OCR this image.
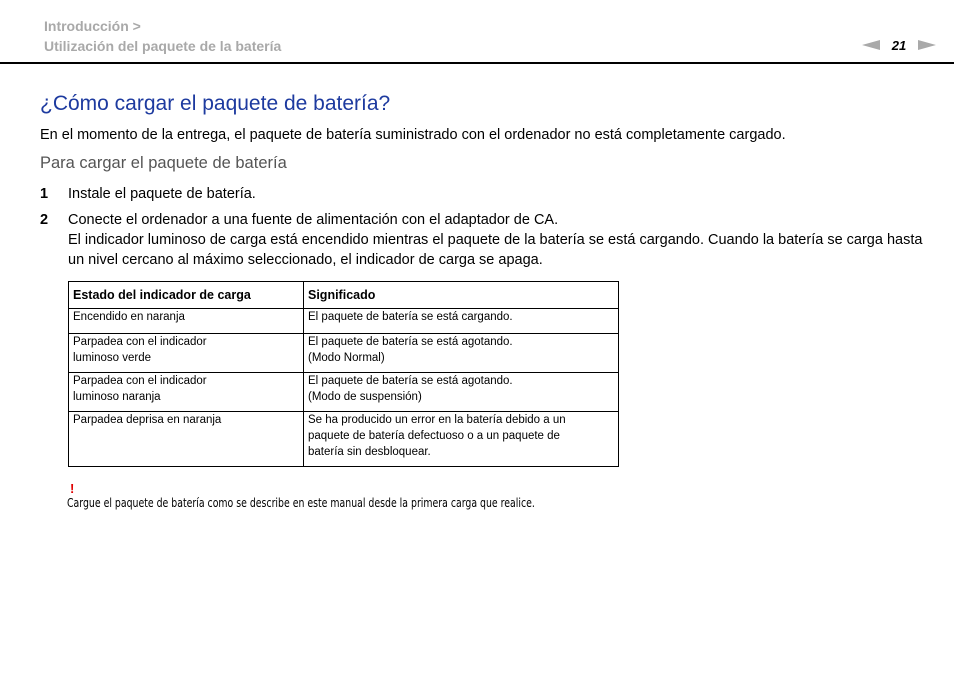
Introducción >
Utilización del paquete de la batería	21
¿Cómo cargar el paquete de batería?
En el momento de la entrega, el paquete de batería suministrado con el ordenador no está completamente cargado.
Para cargar el paquete de batería
1 Instale el paquete de batería.
2 Conecte el ordenador a una fuente de alimentación con el adaptador de CA.
El indicador luminoso de carga está encendido mientras el paquete de la batería se está cargando. Cuando la batería se carga hasta un nivel cercano al máximo seleccionado, el indicador de carga se apaga.
Estado del indicador de carga	Significado

Encendido en naranja	El paquete de batería se está cargando.

Parpadea con el indicador
luminoso verde	El paquete de batería se está agotando.
(Modo Normal)

Parpadea con el indicador
luminoso naranja	El paquete de batería se está agotando.
(Modo de suspensión)

Parpadea deprisa en naranja	Se ha producido un error en la batería debido a un
paquete de batería defectuoso o a un paquete de
batería sin desbloquear.
!
Cargue el paquete de batería como se describe en este manual desde la primera carga que realice.
